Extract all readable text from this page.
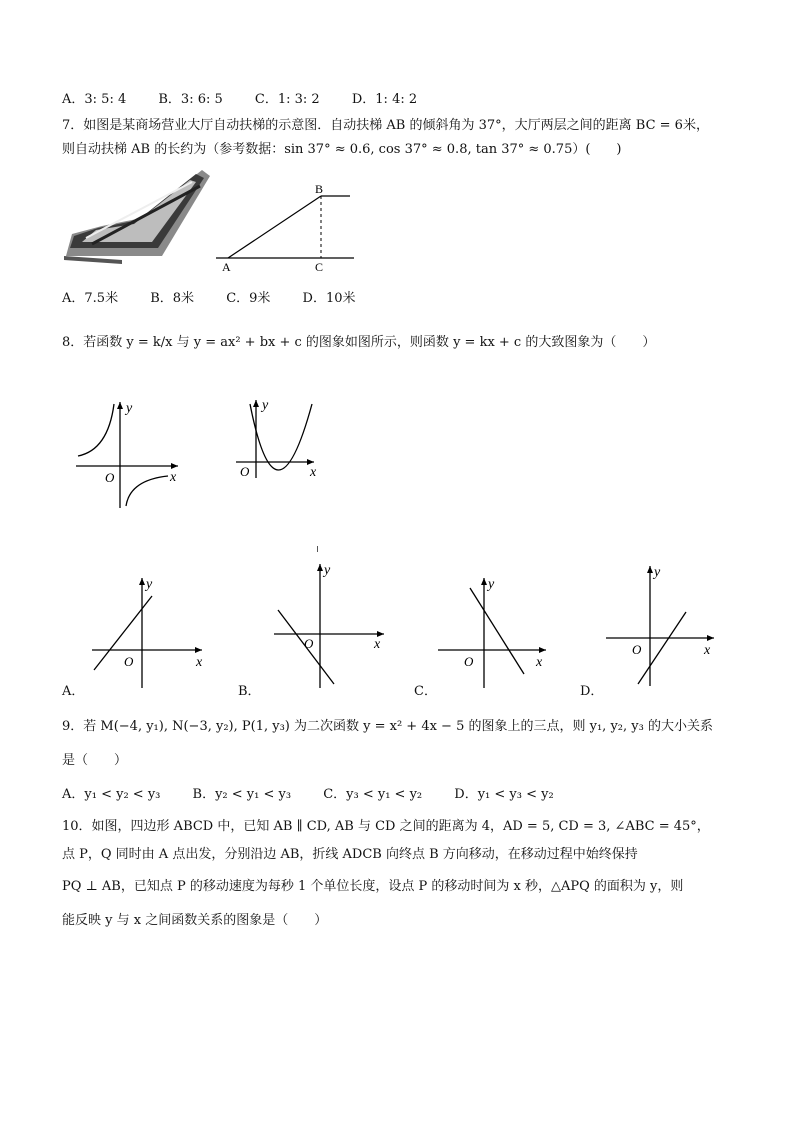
A．3: 5: 4 B．3: 6: 5 C．1: 3: 2 D．1: 4: 2
7．如图是某商场营业大厅自动扶梯的示意图．自动扶梯 AB 的倾斜角为 37°，大厅两层之间的距离 BC = 6米，
则自动扶梯 AB 的长约为（参考数据：sin 37° ≈ 0.6, cos 37° ≈ 0.8, tan 37° ≈ 0.75）(　　)
A
B
C
A．7.5米 B．8米 C．9米 D．10米
8．若函数 y = k/x 与 y = ax² + bx + c 的图象如图所示，则函数 y = kx + c 的大致图象为（　　）
y
x
O
y
x
O
y
x
O
A．
y
x
O
B．
y
x
O
C．
y
x
O
D．
9．若 M(−4, y₁), N(−3, y₂), P(1, y₃) 为二次函数 y = x² + 4x − 5 的图象上的三点，则 y₁, y₂, y₃ 的大小关系
是（　　）
A．y₁ < y₂ < y₃ B．y₂ < y₁ < y₃ C．y₃ < y₁ < y₂ D．y₁ < y₃ < y₂
10．如图，四边形 ABCD 中，已知 AB ∥ CD, AB 与 CD 之间的距离为 4，AD = 5, CD = 3, ∠ABC = 45°，
点 P，Q 同时由 A 点出发，分别沿边 AB，折线 ADCB 向终点 B 方向移动，在移动过程中始终保持
PQ ⊥ AB，已知点 P 的移动速度为每秒 1 个单位长度，设点 P 的移动时间为 x 秒，△APQ 的面积为 y，则
能反映 y 与 x 之间函数关系的图象是（　　）
